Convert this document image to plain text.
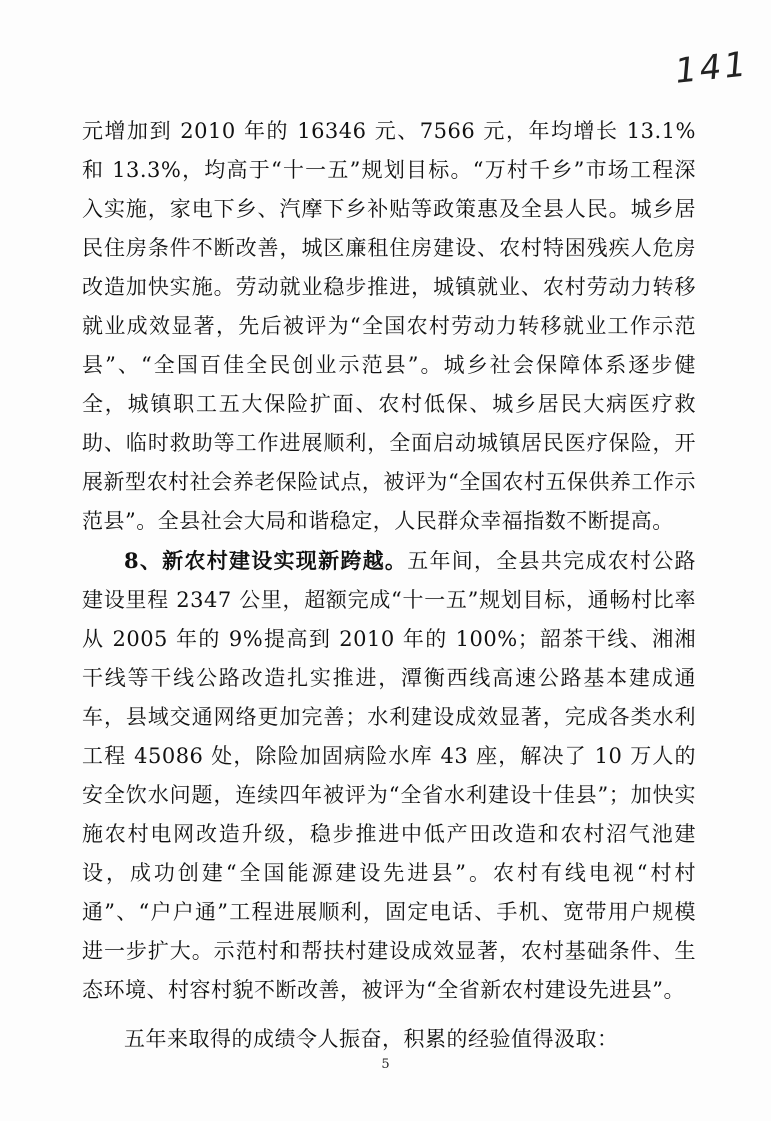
141

元增加到 2010 年的 16346 元、7566 元，年均增长 13.1%和 13.3%，均高于“十一五”规划目标。“万村千乡”市场工程深入实施，家电下乡、汽摩下乡补贴等政策惠及全县人民。城乡居民住房条件不断改善，城区廉租住房建设、农村特困残疾人危房改造加快实施。劳动就业稳步推进，城镇就业、农村劳动力转移就业成效显著，先后被评为“全国农村劳动力转移就业工作示范县”、“全国百佳全民创业示范县”。城乡社会保障体系逐步健全，城镇职工五大保险扩面、农村低保、城乡居民大病医疗救助、临时救助等工作进展顺利，全面启动城镇居民医疗保险，开展新型农村社会养老保险试点，被评为“全国农村五保供养工作示范县”。全县社会大局和谐稳定，人民群众幸福指数不断提高。

8、新农村建设实现新跨越。五年间，全县共完成农村公路建设里程 2347 公里，超额完成“十一五”规划目标，通畅村比率从 2005 年的 9%提高到 2010 年的 100%；韶茶干线、湘湘干线等干线公路改造扎实推进，潭衡西线高速公路基本建成通车，县域交通网络更加完善；水利建设成效显著，完成各类水利工程 45086 处，除险加固病险水库 43 座，解决了 10 万人的安全饮水问题，连续四年被评为“全省水利建设十佳县”；加快实施农村电网改造升级，稳步推进中低产田改造和农村沼气池建设，成功创建“全国能源建设先进县”。农村有线电视“村村通”、“户户通”工程进展顺利，固定电话、手机、宽带用户规模进一步扩大。示范村和帮扶村建设成效显著，农村基础条件、生态环境、村容村貌不断改善，被评为“全省新农村建设先进县”。

五年来取得的成绩令人振奋，积累的经验值得汲取：

5
